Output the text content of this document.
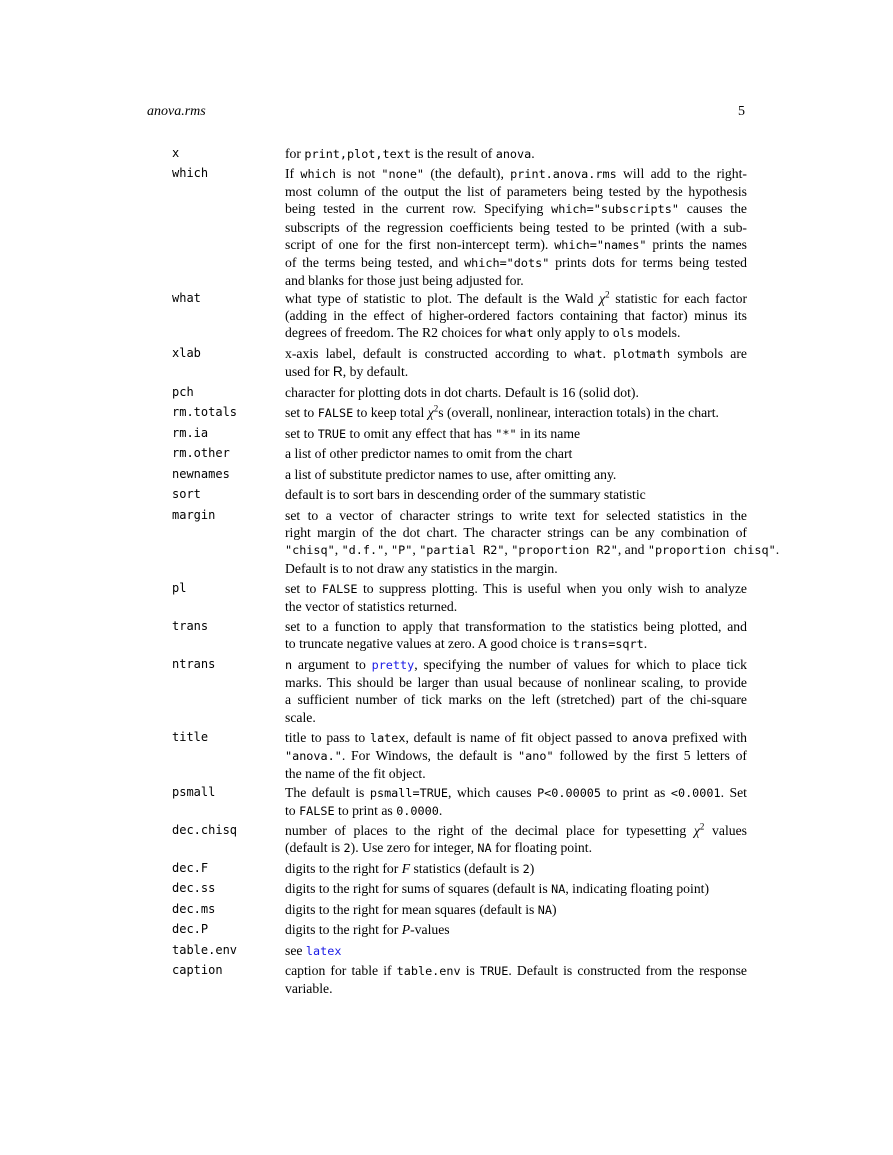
anova.rms	5
x	for print,plot,text is the result of anova.
which	If which is not "none" (the default), print.anova.rms will add to the right-
most column of the output the list of parameters being tested by the hypothesis
being tested in the current row. Specifying which="subscripts" causes the
subscripts of the regression coefficients being tested to be printed (with a sub-
script of one for the first non-intercept term). which="names" prints the names
of the terms being tested, and which="dots" prints dots for terms being tested
and blanks for those just being adjusted for.
what	what type of statistic to plot. The default is the Wald $\chi^2$ statistic for each factor
(adding in the effect of higher-ordered factors containing that factor) minus its
degrees of freedom. The R2 choices for what only apply to ols models.
xlab	x-axis label, default is constructed according to what. plotmath symbols are
used for R, by default.
pch	character for plotting dots in dot charts. Default is 16 (solid dot).
rm.totals	set to FALSE to keep total $\chi^2s$ (overall, nonlinear, interaction totals) in the chart.
rm.ia	set to TRUE to omit any effect that has "*" in its name
rm.other	a list of other predictor names to omit from the chart
newnames	a list of substitute predictor names to use, after omitting any.
sort	default is to sort bars in descending order of the summary statistic
margin	set to a vector of character strings to write text for selected statistics in the
right margin of the dot chart. The character strings can be any combination of
"chisq", "d.f.", "P", "partial R2", "proportion R2", and "proportion chisq".
Default is to not draw any statistics in the margin.
pl	set to FALSE to suppress plotting. This is useful when you only wish to analyze
the vector of statistics returned.
trans	set to a function to apply that transformation to the statistics being plotted, and
to truncate negative values at zero. A good choice is trans=sqrt.
ntrans	n argument to pretty, specifying the number of values for which to place tick
marks. This should be larger than usual because of nonlinear scaling, to provide
a sufficient number of tick marks on the left (stretched) part of the chi-square
scale.
title	title to pass to latex, default is name of fit object passed to anova prefixed with
"anova.". For Windows, the default is "ano" followed by the first 5 letters of
the name of the fit object.
psmall	The default is psmall=TRUE, which causes P<0.00005 to print as <0.0001. Set
to FALSE to print as 0.0000.
dec.chisq	number of places to the right of the decimal place for typesetting $\chi^2$ values
(default is 2). Use zero for integer, NA for floating point.
dec.F	digits to the right for F statistics (default is 2)
dec.ss	digits to the right for sums of squares (default is NA, indicating floating point)
dec.ms	digits to the right for mean squares (default is NA)
dec.P	digits to the right for P-values
table.env	see latex
caption	caption for table if table.env is TRUE. Default is constructed from the response
variable.
